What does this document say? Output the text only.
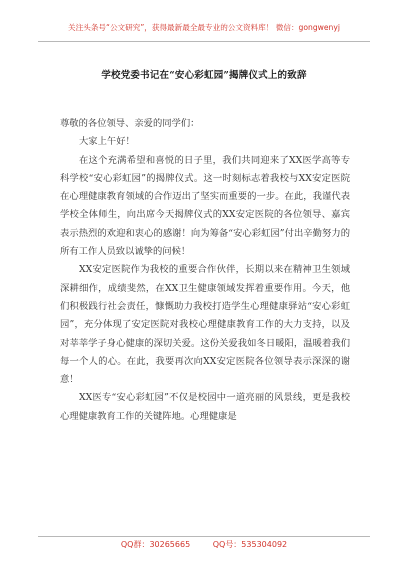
关注头条号“公文研究”，获得最新最全最专业的公文资料库！ 微信：gongwenyj
学校党委书记在“安心彩虹园”揭牌仪式上的致辞

尊敬的各位领导、亲爱的同学们：

大家上午好！

在这个充满希望和喜悦的日子里，我们共同迎来了XX医学高等专科学校“安心彩虹园”的揭牌仪式。这一时刻标志着我校与XX安定医院在心理健康教育领域的合作迈出了坚实而重要的一步。在此，我谨代表学校全体师生，向出席今天揭牌仪式的XX安定医院的各位领导、嘉宾表示热烈的欢迎和衷心的感谢！向为筹备“安心彩虹园”付出辛勤努力的所有工作人员致以诚挚的问候！

XX安定医院作为我校的重要合作伙伴，长期以来在精神卫生领域深耕细作，成绩斐然，在XX卫生健康领域发挥着重要作用。今天，他们积极践行社会责任，慷慨助力我校打造学生心理健康驿站“安心彩虹园”，充分体现了安定医院对我校心理健康教育工作的大力支持，以及对莘莘学子身心健康的深切关爱。这份关爱我如冬日暖阳，温暖着我们每一个人的心。在此，我要再次向XX安定医院各位领导表示深深的谢意！

XX医专“安心彩虹园”不仅是校园中一道亮丽的风景线，更是我校心理健康教育工作的关键阵地。心理健康是

QQ群：30265665	QQ号：535304092
